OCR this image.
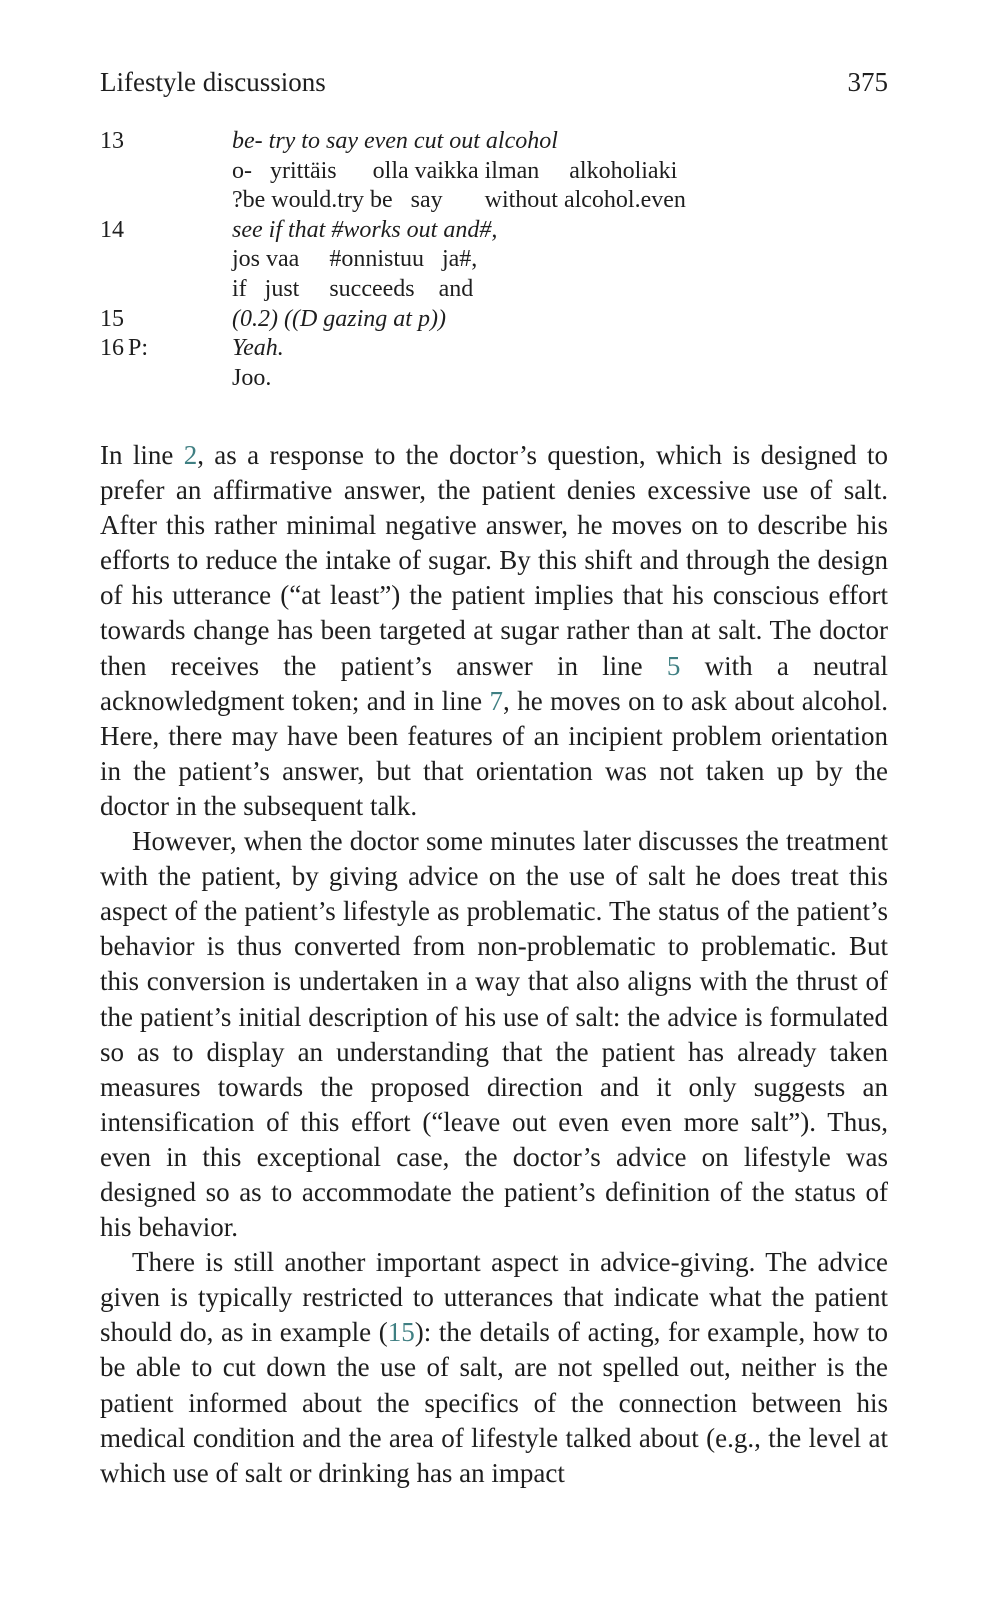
Lifestyle discussions	375
13	be- try to say even cut out alcohol
o-   yrittäis      olla vaikka ilman     alkoholiaki
?be would.try be   say       without alcohol.even
14	see if that #works out and#,
jos vaa     #onnistuu   ja#,
if   just     succeeds    and
15	(0.2) ((D gazing at p))
16 P:	Yeah.
Joo.

In line 2, as a response to the doctor’s question, which is designed to prefer an affirmative answer, the patient denies excessive use of salt. After this rather minimal negative answer, he moves on to describe his efforts to reduce the intake of sugar. By this shift and through the design of his utterance (“at least”) the patient implies that his conscious effort towards change has been targeted at sugar rather than at salt. The doctor then receives the patient’s answer in line 5 with a neutral acknowledgment token; and in line 7, he moves on to ask about alcohol. Here, there may have been features of an incipient problem orientation in the patient’s answer, but that orientation was not taken up by the doctor in the subsequent talk.

However, when the doctor some minutes later discusses the treatment with the patient, by giving advice on the use of salt he does treat this aspect of the patient’s lifestyle as problematic. The status of the patient’s behavior is thus converted from non-problematic to problematic. But this conversion is undertaken in a way that also aligns with the thrust of the patient’s initial description of his use of salt: the advice is formulated so as to display an understanding that the patient has already taken measures towards the proposed direction and it only suggests an intensification of this effort (“leave out even even more salt”). Thus, even in this exceptional case, the doctor’s advice on lifestyle was designed so as to accommodate the patient’s definition of the status of his behavior.

There is still another important aspect in advice-giving. The advice given is typically restricted to utterances that indicate what the patient should do, as in example (15): the details of acting, for example, how to be able to cut down the use of salt, are not spelled out, neither is the patient informed about the specifics of the connection between his medical condition and the area of lifestyle talked about (e.g., the level at which use of salt or drinking has an impact
